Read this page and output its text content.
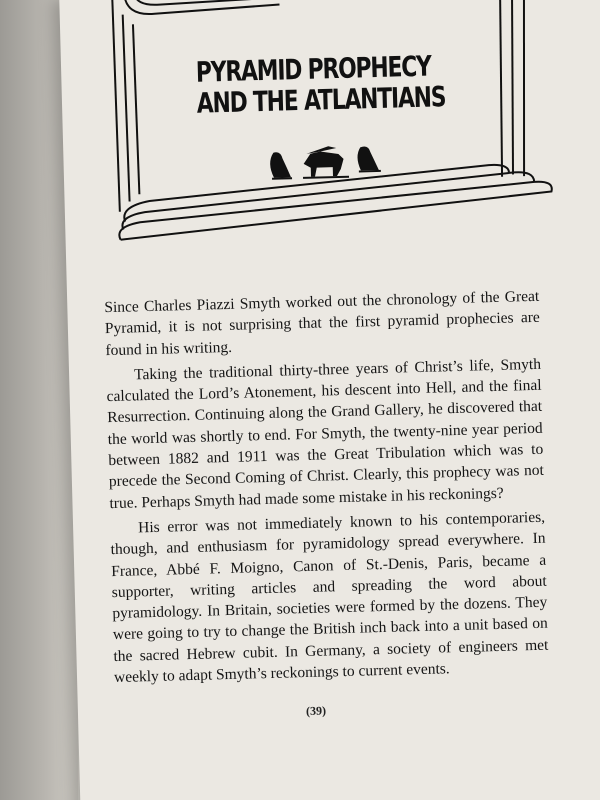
PYRAMID PROPHECY
AND THE ATLANTIANS

Since Charles Piazzi Smyth worked out the chronology of the Great Pyramid, it is not surprising that the first pyramid prophecies are found in his writing.

Taking the traditional thirty-three years of Christ’s life, Smyth calculated the Lord’s Atonement, his descent into Hell, and the final Resurrection. Continuing along the Grand Gallery, he discovered that the world was shortly to end. For Smyth, the twenty-nine year period between 1882 and 1911 was the Great Tribulation which was to precede the Second Coming of Christ. Clearly, this prophecy was not true. Perhaps Smyth had made some mistake in his reckonings?

His error was not immediately known to his contemporaries, though, and enthusiasm for pyramidology spread everywhere. In France, Abbé F. Moigno, Canon of St.-Denis, Paris, became a supporter, writing articles and spreading the word about pyramidology. In Britain, societies were formed by the dozens. They were going to try to change the British inch back into a unit based on the sacred Hebrew cubit. In Germany, a society of engineers met weekly to adapt Smyth’s reckonings to current events.

(39)
